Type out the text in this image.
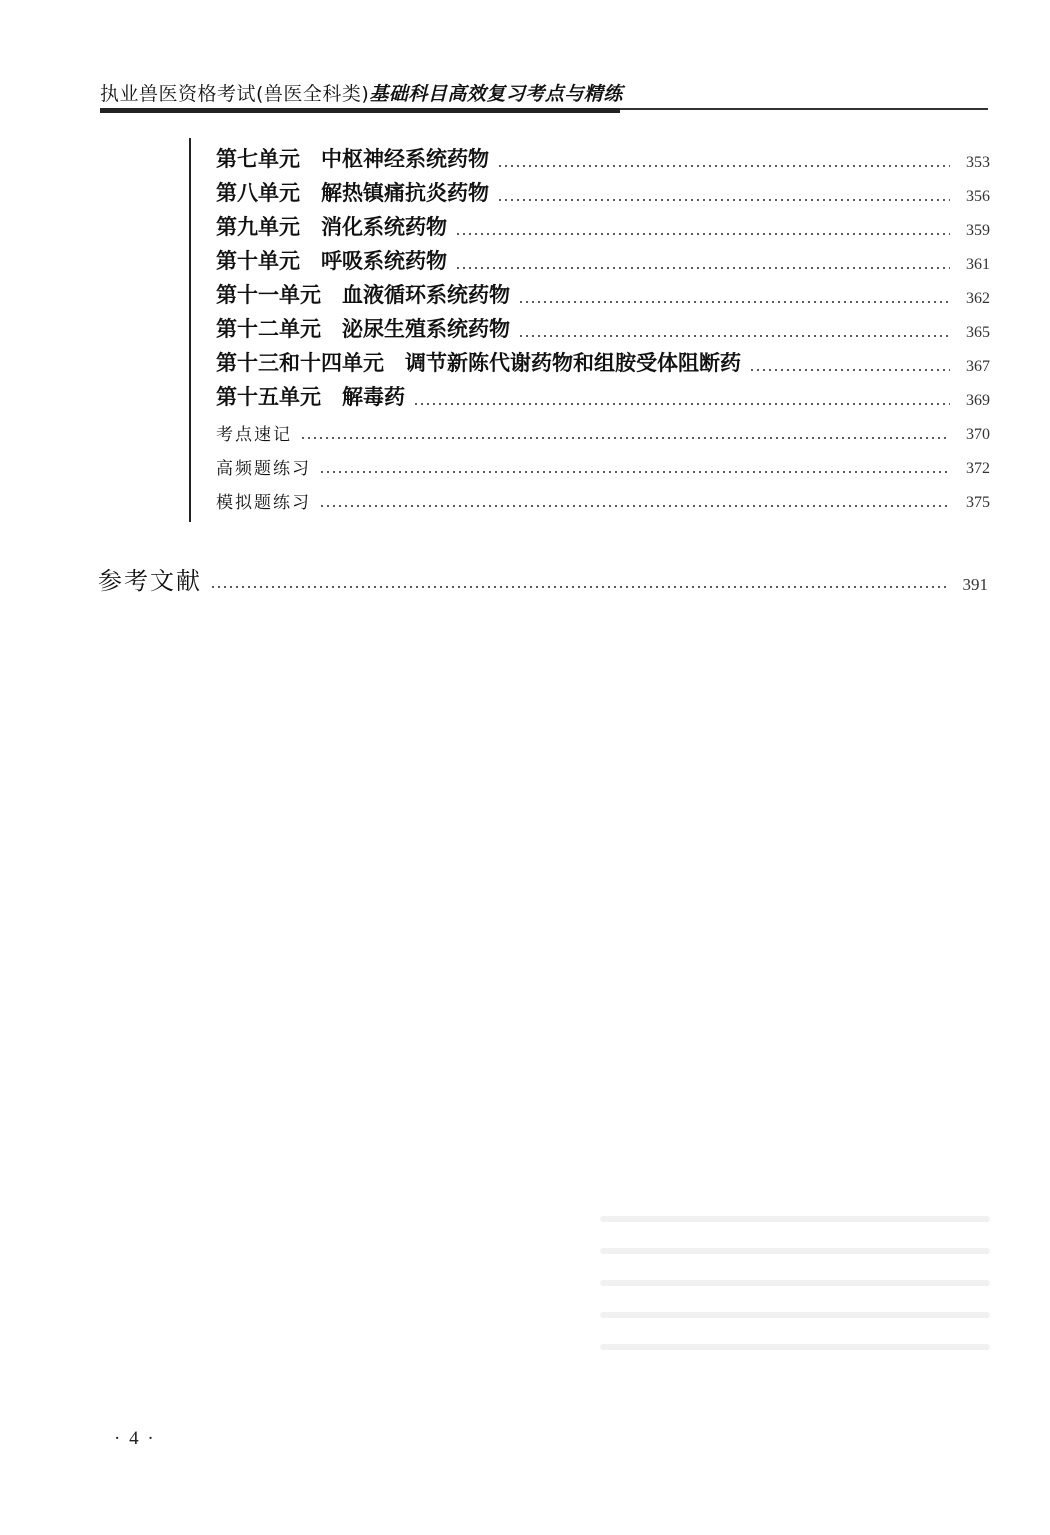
执业兽医资格考试(兽医全科类)基础科目高效复习考点与精练
第七单元　中枢神经系统药物	353
第八单元　解热镇痛抗炎药物	356
第九单元　消化系统药物	359
第十单元　呼吸系统药物	361
第十一单元　血液循环系统药物	362
第十二单元　泌尿生殖系统药物	365
第十三和十四单元　调节新陈代谢药物和组胺受体阻断药	367
第十五单元　解毒药	369
考点速记	370
高频题练习	372
模拟题练习	375
参考文献	391
· 4 ·
